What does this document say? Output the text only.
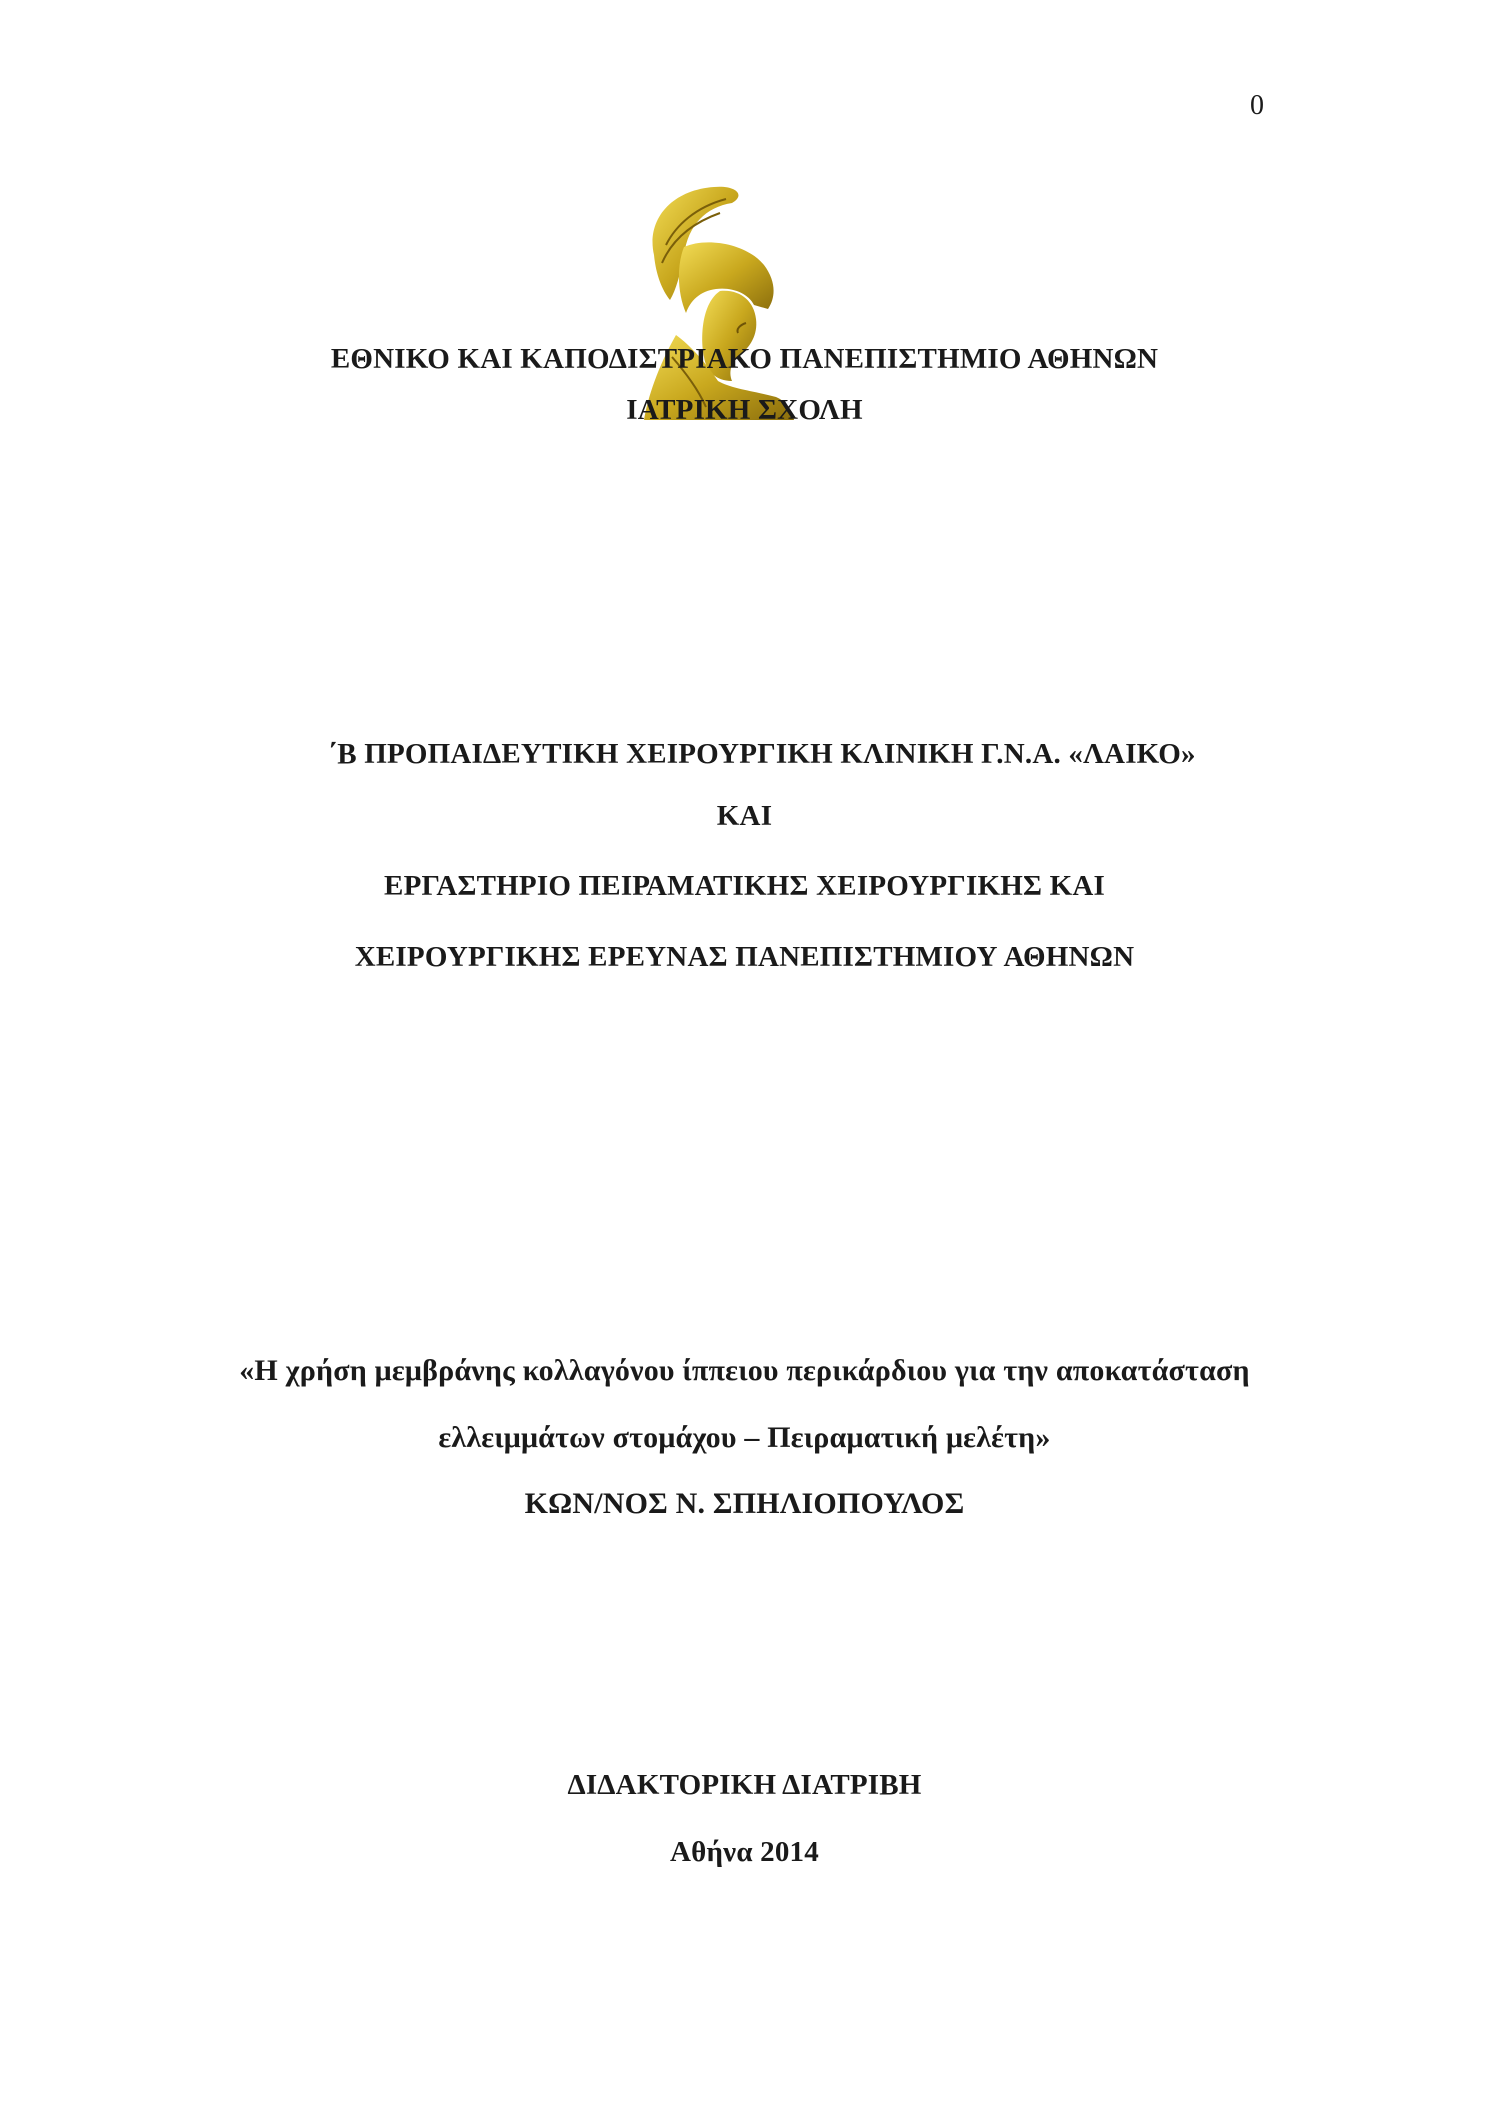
0
ΕΘΝΙΚΟ ΚΑΙ ΚΑΠΟΔΙΣΤΡΙΑΚΟ ΠΑΝΕΠΙΣΤΗΜΙΟ ΑΘΗΝΩΝ
ΙΑΤΡΙΚΗ ΣΧΟΛΗ
΄Β ΠΡΟΠΑΙΔΕΥΤΙΚΗ ΧΕΙΡΟΥΡΓΙΚΗ ΚΛΙΝΙΚΗ Γ.Ν.Α. «ΛΑΙΚΟ»
ΚΑΙ
ΕΡΓΑΣΤΗΡΙΟ ΠΕΙΡΑΜΑΤΙΚΗΣ ΧΕΙΡΟΥΡΓΙΚΗΣ ΚΑΙ
ΧΕΙΡΟΥΡΓΙΚΗΣ ΕΡΕΥΝΑΣ ΠΑΝΕΠΙΣΤΗΜΙΟΥ ΑΘΗΝΩΝ
«Η χρήση μεμβράνης κολλαγόνου ίππειου περικάρδιου για την αποκατάσταση
ελλειμμάτων στομάχου – Πειραματική μελέτη»
ΚΩΝ/ΝΟΣ Ν. ΣΠΗΛΙΟΠΟΥΛΟΣ
ΔΙΔΑΚΤΟΡΙΚΗ ΔΙΑΤΡΙΒΗ
Αθήνα 2014
